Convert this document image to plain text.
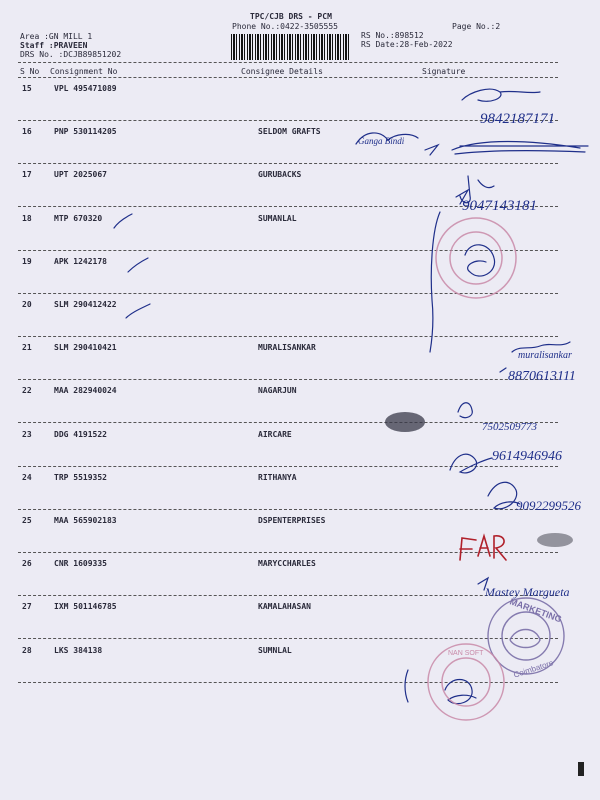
TPC/CJB DRS - PCM
Phone No.:0422-3505555	Page No.:2
Area :GN MILL 1
Staff :PRAVEEN
DRS No. :DCJB89851202
RS No.:898512
RS Date:28-Feb-2022
S No Consignment No	Consignee Details	Signature
15	VPL 495471089
16	PNP 530114205	SELDOM GRAFTS
17	UPT 2025067	GURUBACKS
18	MTP 670320	SUMANLAL
19	APK 1242178
20	SLM 290412422
21	SLM 290410421	MURALISANKAR
22	MAA 282940024	NAGARJUN
23	DDG 4191522	AIRCARE
24	TRP 5519352	RITHANYA
25	MAA 565902183	DSPENTERPRISES
26	CNR 1609335	MARYCCHARLES
27	IXM 501146785	KAMALAHASAN
28	LKS 384138	SUMNLAL
9842187171
Ganga Bindi
9047143181
muralisankar
8870613111
7502509773
9614946946
9092299526
Mastey Margueta
MARKETING
Coimbatore
NAN SOFT
